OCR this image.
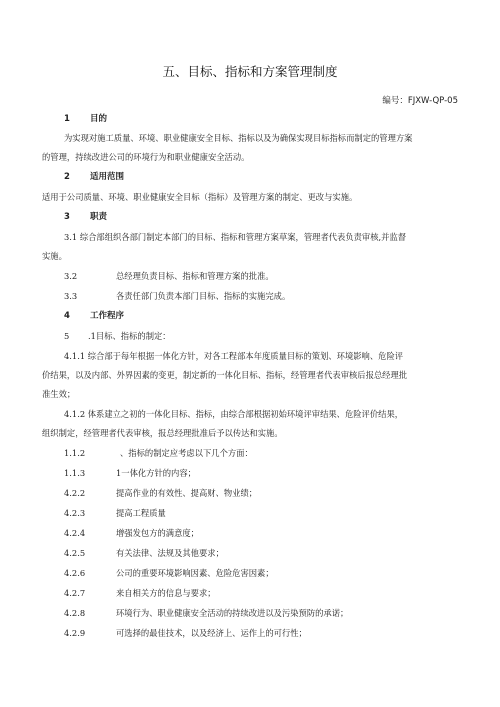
五、目标、指标和方案管理制度
编号：FJXW-QP-05
1 目的
为实现对施工质量、环境、职业健康安全目标、指标以及为确保实现目标指标而制定的管理方案
的管理，持续改进公司的环境行为和职业健康安全活动。
2 适用范围
适用于公司质量、环境、职业健康安全目标（指标）及管理方案的制定、更改与实施。
3 职责
3.1 综合部组织各部门制定本部门的目标、指标和管理方案草案，管理者代表负责审核,并监督
实施。
3.2	总经理负责目标、指标和管理方案的批准。
3.3	各责任部门负责本部门目标、指标的实施完成。
4 工作程序
5 .1目标、指标的制定：
4.1.1 综合部于每年根据一体化方针，对各工程部本年度质量目标的策划、环境影响、危险评
价结果，以及内部、外界因素的变更，制定新的一体化目标、指标，经管理者代表审核后报总经理批
准生效；
4.1.2 体系建立之初的一体化目标、指标，由综合部根据初始环境评审结果、危险评价结果，
组织制定，经管理者代表审核，报总经理批准后予以传达和实施。
1.1.2	、指标的制定应考虑以下几个方面：
1.1.3	1一体化方针的内容；
4.2.2	提高作业的有效性、提高财、物业绩；
4.2.3	提高工程质量
4.2.4	增强发包方的满意度；
4.2.5	有关法律、法规及其他要求；
4.2.6	公司的重要环境影响因素、危险危害因素；
4.2.7	来自相关方的信息与要求；
4.2.8	环境行为、职业健康安全活动的持续改进以及污染预防的承诺；
4.2.9	可选择的最佳技术，以及经济上、运作上的可行性；
